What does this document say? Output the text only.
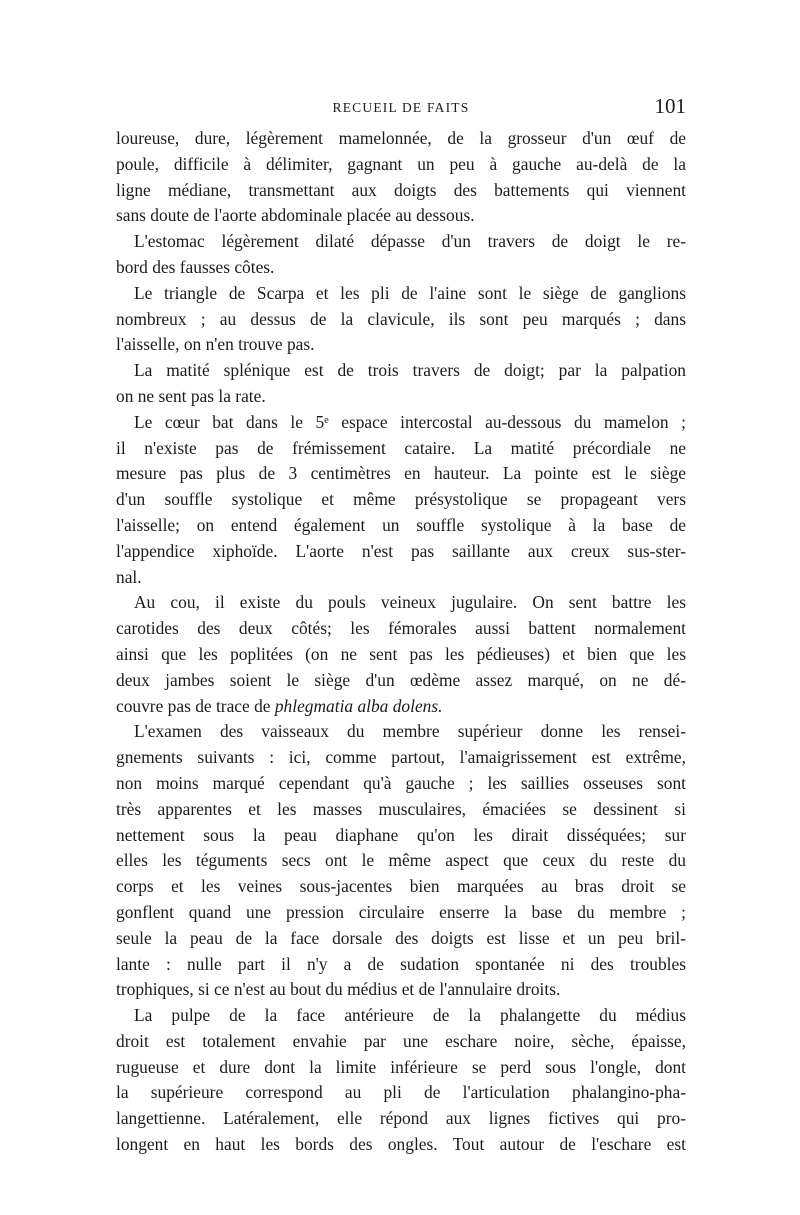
RECUEIL DE FAITS	101
loureuse, dure, légèrement mamelonnée, de la grosseur d'un œuf de
poule, difficile à délimiter, gagnant un peu à gauche au-delà de la
ligne médiane, transmettant aux doigts des battements qui viennent
sans doute de l'aorte abdominale placée au dessous.
L'estomac légèrement dilaté dépasse d'un travers de doigt le re-
bord des fausses côtes.
Le triangle de Scarpa et les pli de l'aine sont le siège de ganglions
nombreux ; au dessus de la clavicule, ils sont peu marqués ; dans
l'aisselle, on n'en trouve pas.
La matité splénique est de trois travers de doigt; par la palpation
on ne sent pas la rate.
Le cœur bat dans le 5ᵉ espace intercostal au-dessous du mamelon ;
il n'existe pas de frémissement cataire. La matité précordiale ne
mesure pas plus de 3 centimètres en hauteur. La pointe est le siège
d'un souffle systolique et même présystolique se propageant vers
l'aisselle; on entend également un souffle systolique à la base de
l'appendice xiphoïde. L'aorte n'est pas saillante aux creux sus-ster-
nal.
Au cou, il existe du pouls veineux jugulaire. On sent battre les
carotides des deux côtés; les fémorales aussi battent normalement
ainsi que les poplitées (on ne sent pas les pédieuses) et bien que les
deux jambes soient le siège d'un œdème assez marqué, on ne dé-
couvre pas de trace de phlegmatia alba dolens.
L'examen des vaisseaux du membre supérieur donne les rensei-
gnements suivants : ici, comme partout, l'amaigrissement est extrême,
non moins marqué cependant qu'à gauche ; les saillies osseuses sont
très apparentes et les masses musculaires, émaciées se dessinent si
nettement sous la peau diaphane qu'on les dirait disséquées; sur
elles les téguments secs ont le même aspect que ceux du reste du
corps et les veines sous-jacentes bien marquées au bras droit se
gonflent quand une pression circulaire enserre la base du membre ;
seule la peau de la face dorsale des doigts est lisse et un peu bril-
lante : nulle part il n'y a de sudation spontanée ni des troubles
trophiques, si ce n'est au bout du médius et de l'annulaire droits.
La pulpe de la face antérieure de la phalangette du médius
droit est totalement envahie par une eschare noire, sèche, épaisse,
rugueuse et dure dont la limite inférieure se perd sous l'ongle, dont
la supérieure correspond au pli de l'articulation phalangino-pha-
langettienne. Latéralement, elle répond aux lignes fictives qui pro-
longent en haut les bords des ongles. Tout autour de l'eschare est
